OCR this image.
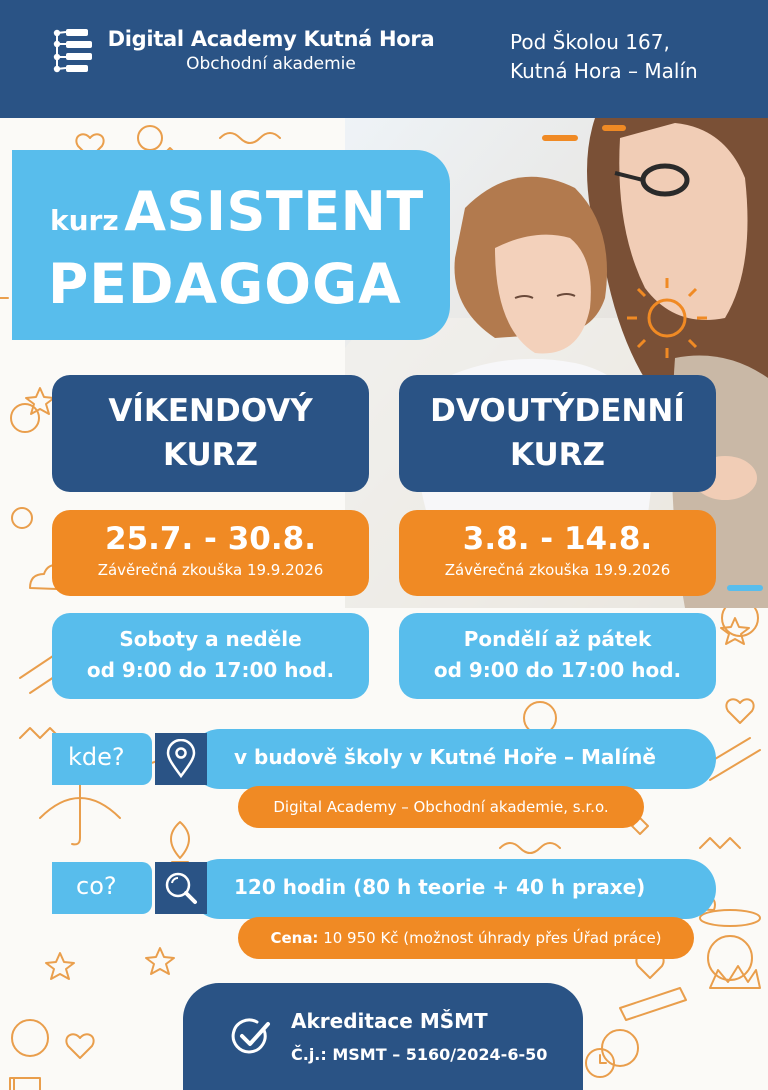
Digital Academy Kutná Hora
Obchodní akademie
Pod Školou 167,
Kutná Hora – Malín
kurz ASISTENT
PEDAGOGA
VÍKENDOVÝ
KURZ
DVOUTÝDENNÍ
KURZ
25.7. - 30.8.
Závěrečná zkouška 19.9.2026
3.8. - 14.8.
Závěrečná zkouška 19.9.2026
Soboty a neděle
od 9:00 do 17:00 hod.
Pondělí až pátek
od 9:00 do 17:00 hod.
v budově školy v Kutné Hoře – Malíně
kde?
Digital Academy – Obchodní akademie, s.r.o.
120 hodin (80 h teorie + 40 h praxe)
co?
Cena: 10 950 Kč (možnost úhrady přes Úřad práce)
Akreditace MŠMT
Č.j.: MSMT – 5160/2024-6-50
